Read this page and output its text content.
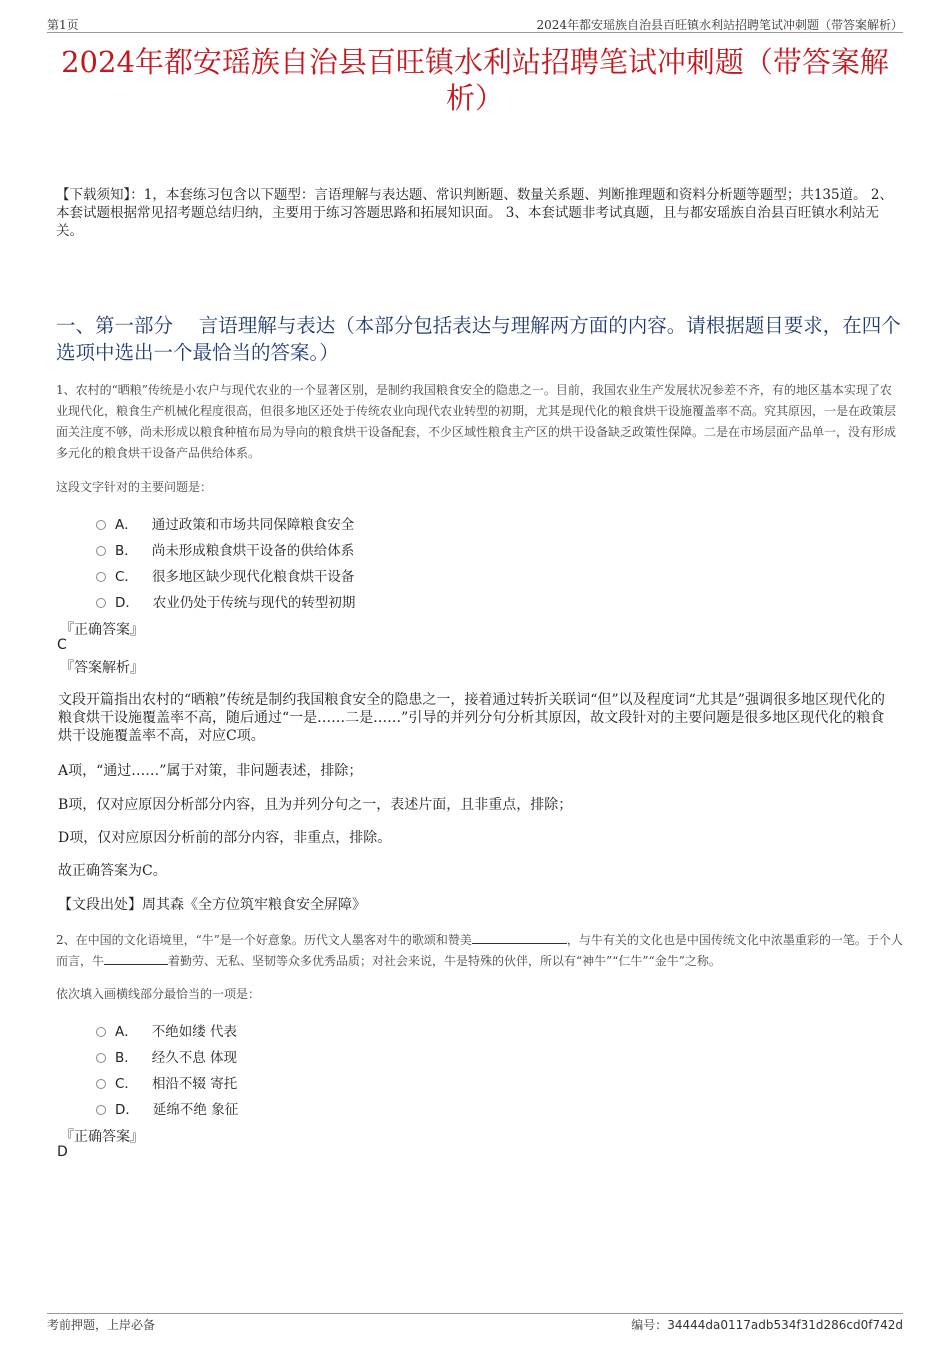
第1页	2024年都安瑶族自治县百旺镇水利站招聘笔试冲刺题（带答案解析）
2024年都安瑶族自治县百旺镇水利站招聘笔试冲刺题（带答案解析）
【下载须知】：1，本套练习包含以下题型：言语理解与表达题、常识判断题、数量关系题、判断推理题和资料分析题等题型；共135道。 2、本套试题根据常见招考题总结归纳，主要用于练习答题思路和拓展知识面。 3、本套试题非考试真题，且与都安瑶族自治县百旺镇水利站无关。
一、第一部分　 言语理解与表达（本部分包括表达与理解两方面的内容。请根据题目要求，在四个选项中选出一个最恰当的答案。）
1、农村的“晒粮”传统是小农户与现代农业的一个显著区别，是制约我国粮食安全的隐患之一。目前，我国农业生产发展状况参差不齐，有的地区基本实现了农业现代化，粮食生产机械化程度很高，但很多地区还处于传统农业向现代农业转型的初期，尤其是现代化的粮食烘干设施覆盖率不高。究其原因，一是在政策层面关注度不够，尚未形成以粮食种植布局为导向的粮食烘干设备配套，不少区域性粮食主产区的烘干设备缺乏政策性保障。二是在市场层面产品单一，没有形成多元化的粮食烘干设备产品供给体系。
这段文字针对的主要问题是：
A． 通过政策和市场共同保障粮食安全
B． 尚未形成粮食烘干设备的供给体系
C． 很多地区缺少现代化粮食烘干设备
D． 农业仍处于传统与现代的转型初期
『正确答案』
C
『答案解析』
文段开篇指出农村的“晒粮”传统是制约我国粮食安全的隐患之一，接着通过转折关联词“但”以及程度词“尤其是”强调很多地区现代化的粮食烘干设施覆盖率不高，随后通过“一是……二是……”引导的并列分句分析其原因，故文段针对的主要问题是很多地区现代化的粮食烘干设施覆盖率不高，对应C项。
A项，“通过……”属于对策，非问题表述，排除；
B项，仅对应原因分析部分内容，且为并列分句之一，表述片面，且非重点，排除；
D项，仅对应原因分析前的部分内容，非重点，排除。
故正确答案为C。
【文段出处】周其森《全方位筑牢粮食安全屏障》
2、在中国的文化语境里，“牛”是一个好意象。历代文人墨客对牛的歌颂和赞美	，与牛有关的文化也是中国传统文化中浓墨重彩的一笔。于个人而言，牛	着勤劳、无私、坚韧等众多优秀品质；对社会来说，牛是特殊的伙伴，所以有“神牛”“仁牛”“金牛”之称。
依次填入画横线部分最恰当的一项是：
A． 不绝如缕 代表
B． 经久不息 体现
C． 相沿不辍 寄托
D． 延绵不绝 象征
『正确答案』
D
考前押题，上岸必备	编号：34444da0117adb534f31d286cd0f742d
